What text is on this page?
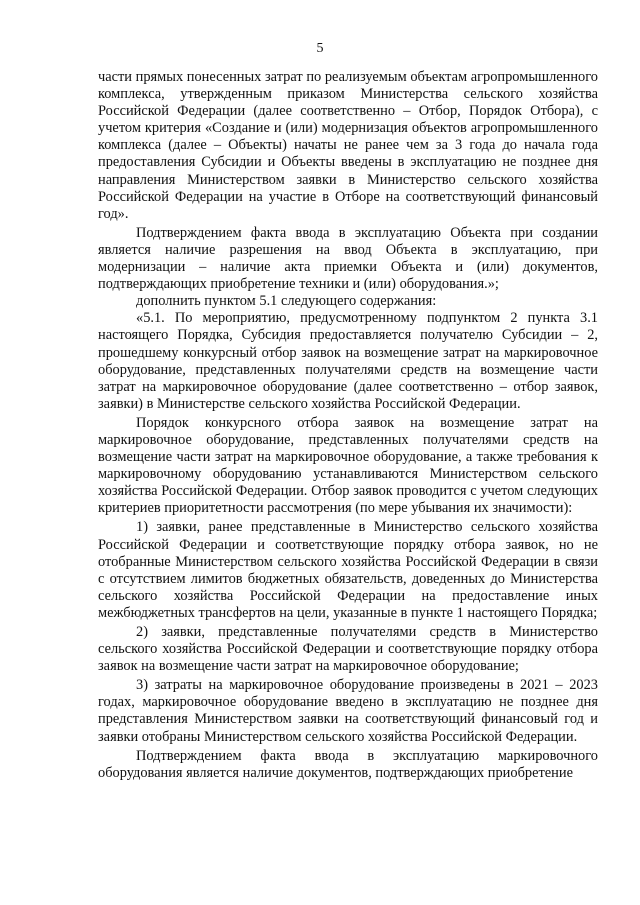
5

части прямых понесенных затрат по реализуемым объектам агропромышленного комплекса, утвержденным приказом Министерства сельского хозяйства Российской Федерации (далее соответственно – Отбор, Порядок Отбора), с учетом критерия «Создание и (или) модернизация объектов агропромышленного комплекса (далее – Объекты) начаты не ранее чем за 3 года до начала года предоставления Субсидии и Объекты введены в эксплуатацию не позднее дня направления Министерством заявки в Министерство сельского хозяйства Российской Федерации на участие в Отборе на соответствующий финансовый год».

Подтверждением факта ввода в эксплуатацию Объекта при создании является наличие разрешения на ввод Объекта в эксплуатацию, при модернизации – наличие акта приемки Объекта и (или) документов, подтверждающих приобретение техники и (или) оборудования.»;

дополнить пунктом 5.1 следующего содержания:

«5.1. По мероприятию, предусмотренному подпунктом 2 пункта 3.1 настоящего Порядка, Субсидия предоставляется получателю Субсидии – 2, прошедшему конкурсный отбор заявок на возмещение затрат на маркировочное оборудование, представленных получателями средств на возмещение части затрат на маркировочное оборудование (далее соответственно – отбор заявок, заявки) в Министерстве сельского хозяйства Российской Федерации.

Порядок конкурсного отбора заявок на возмещение затрат на маркировочное оборудование, представленных получателями средств на возмещение части затрат на маркировочное оборудование, а также требования к маркировочному оборудованию устанавливаются Министерством сельского хозяйства Российской Федерации. Отбор заявок проводится с учетом следующих критериев приоритетности рассмотрения (по мере убывания их значимости):

1) заявки, ранее представленные в Министерство сельского хозяйства Российской Федерации и соответствующие порядку отбора заявок, но не отобранные Министерством сельского хозяйства Российской Федерации в связи с отсутствием лимитов бюджетных обязательств, доведенных до Министерства сельского хозяйства Российской Федерации на предоставление иных межбюджетных трансфертов на цели, указанные в пункте 1 настоящего Порядка;

2) заявки, представленные получателями средств в Министерство сельского хозяйства Российской Федерации и соответствующие порядку отбора заявок на возмещение части затрат на маркировочное оборудование;

3) затраты на маркировочное оборудование произведены в 2021 – 2023 годах, маркировочное оборудование введено в эксплуатацию не позднее дня представления Министерством заявки на соответствующий финансовый год и заявки отобраны Министерством сельского хозяйства Российской Федерации.

Подтверждением факта ввода в эксплуатацию маркировочного оборудования является наличие документов, подтверждающих приобретение
